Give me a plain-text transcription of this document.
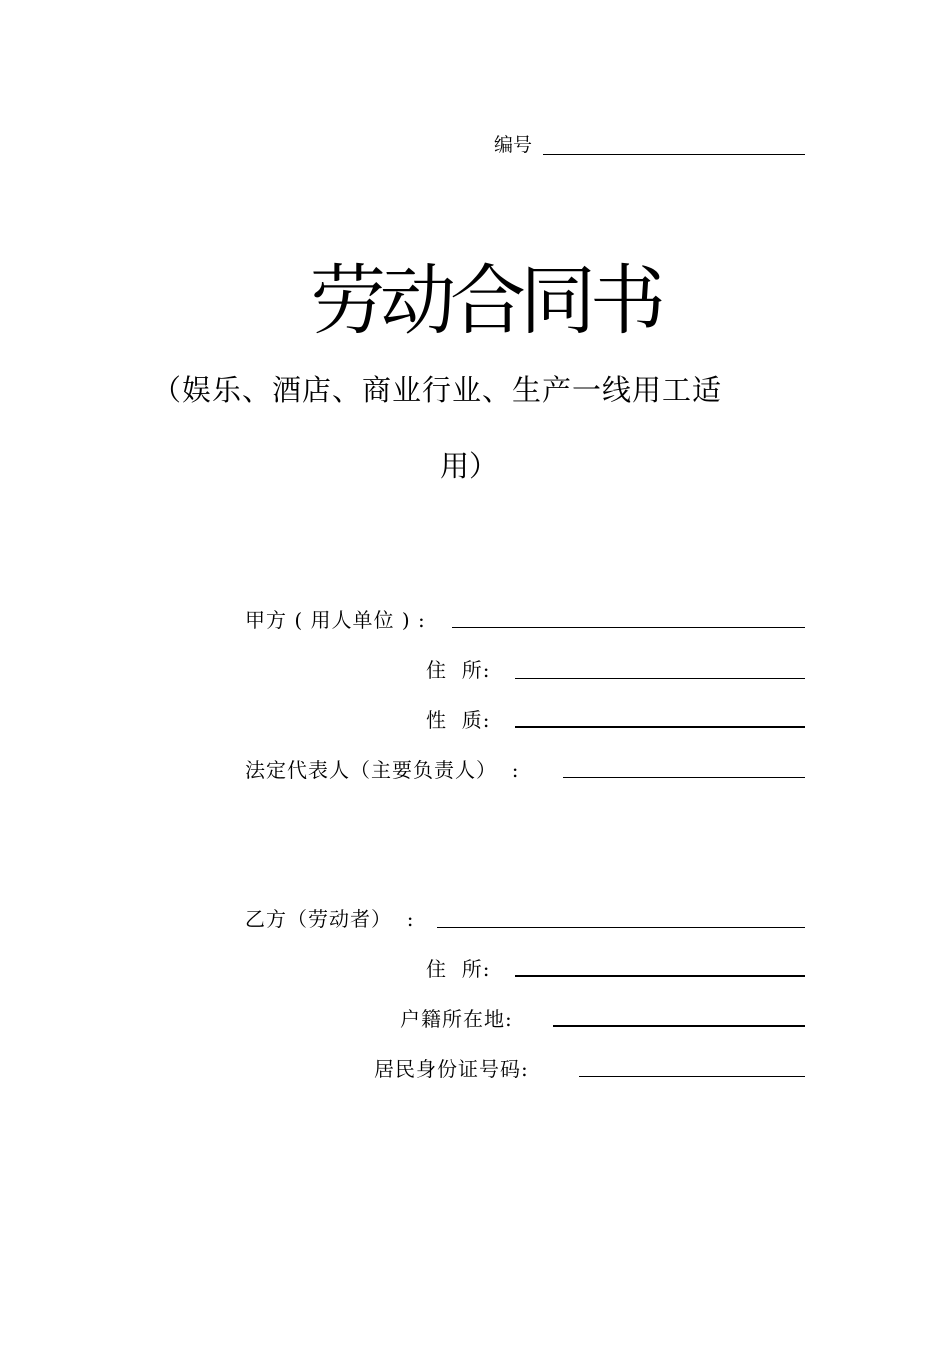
编号
劳动合同书
（娱乐、酒店、商业行业、生产一线用工适
用）
甲方 ( 用人单位 ) :
住  所:
性  质:
法定代表人（主要负责人）  :
乙方（劳动者）  :
住  所:
户籍所在地:
居民身份证号码:
